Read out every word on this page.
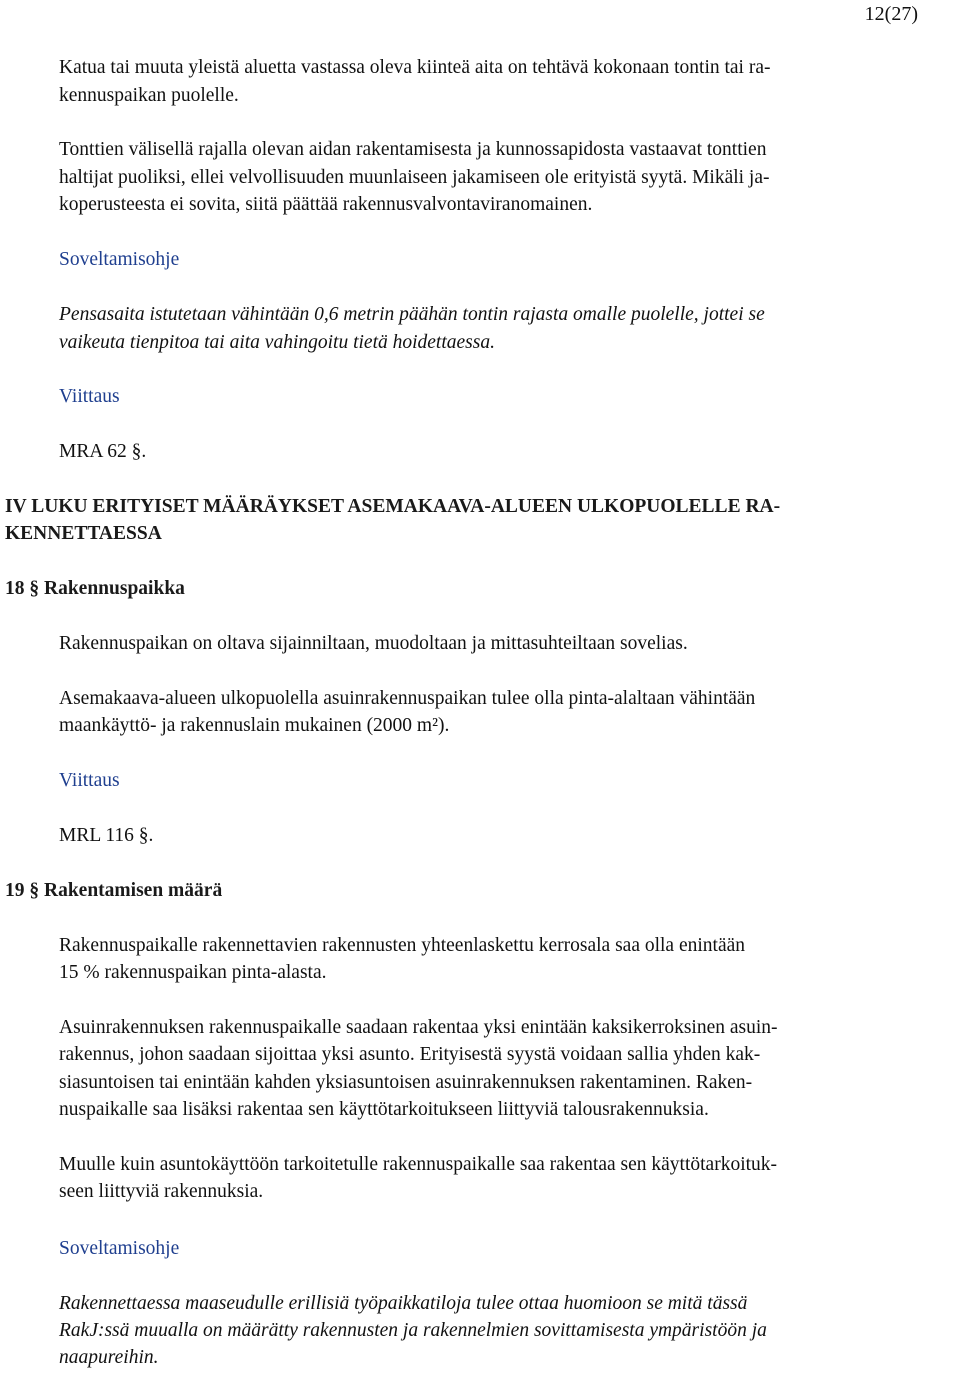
12(27)
Katua tai muuta yleistä aluetta vastassa oleva kiinteä aita on tehtävä kokonaan tontin tai ra-
kennuspaikan puolelle.
Tonttien välisellä rajalla olevan aidan rakentamisesta ja kunnossapidosta vastaavat tonttien
haltijat puoliksi, ellei velvollisuuden muunlaiseen jakamiseen ole erityistä syytä. Mikäli ja-
koperusteesta ei sovita, siitä päättää rakennusvalvontaviranomainen.
Soveltamisohje
Pensasaita istutetaan vähintään 0,6 metrin päähän tontin rajasta omalle puolelle, jottei se
vaikeuta tienpitoa tai aita vahingoitu tietä hoidettaessa.
Viittaus
MRA 62 §.
IV LUKU ERITYISET MÄÄRÄYKSET ASEMAKAAVA-ALUEEN ULKOPUOLELLE RA-
KENNETTAESSA
18 § Rakennuspaikka
Rakennuspaikan on oltava sijainniltaan, muodoltaan ja mittasuhteiltaan sovelias.
Asemakaava-alueen ulkopuolella asuinrakennuspaikan tulee olla pinta-alaltaan vähintään
maankäyttö- ja rakennuslain mukainen (2000 m²).
Viittaus
MRL 116 §.
19 § Rakentamisen määrä
Rakennuspaikalle rakennettavien rakennusten yhteenlaskettu kerrosala saa olla enintään
15 % rakennuspaikan pinta-alasta.
Asuinrakennuksen rakennuspaikalle saadaan rakentaa yksi enintään kaksikerroksinen asuin-
rakennus, johon saadaan sijoittaa yksi asunto. Erityisestä syystä voidaan sallia yhden kak-
siasuntoisen tai enintään kahden yksiasuntoisen asuinrakennuksen rakentaminen. Raken-
nuspaikalle saa lisäksi rakentaa sen käyttötarkoitukseen liittyviä talousrakennuksia.
Muulle kuin asuntokäyttöön tarkoitetulle rakennuspaikalle saa rakentaa sen käyttötarkoituk-
seen liittyviä rakennuksia.
Soveltamisohje
Rakennettaessa maaseudulle erillisiä työpaikkatiloja tulee ottaa huomioon se mitä tässä
RakJ:ssä muualla on määrätty rakennusten ja rakennelmien sovittamisesta ympäristöön ja
naapureihin.
